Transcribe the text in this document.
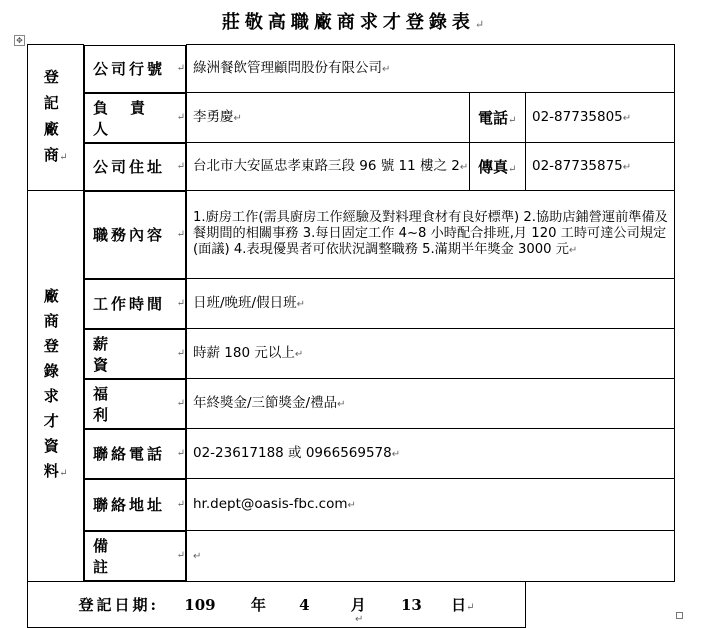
莊敬高職廠商求才登錄表↵
✥
登記廠商↵	
公司行號 ↵ 綠洲餐飲管理顧問股份有限公司↵		

負責人
↵ 李勇慶↵	電話↵	02-87735805↵

公司住址 ↵ 台北市大安區忠孝東路三段 96 號 11 樓之 2↵	傳真↵	02-87735875↵
廠商登錄求才資料↵	
職務內容 ↵
1.廚房工作(需具廚房工作經驗及對料理食材有良好標準) 2.協助店鋪營運前準備及餐期間的相關事務 3.每日固定工作 4~8 小時配合排班,月 120 工時可達公司規定(面議) 4.表現優異者可依狀況調整職務 5.滿期半年獎金 3000 元↵		

工作時間 ↵ 日班/晚班/假日班↵		

薪資
↵ 時薪 180 元以上↵		

福利
↵ 年終獎金/三節獎金/禮品↵		

聯絡電話 ↵ 02-23617188 或 0966569578↵		

聯絡地址 ↵ hr.dept@oasis-fbc.com↵		

備註
↵ ↵		
登記日期: 109 年 4 月 13 日↵			
↵
